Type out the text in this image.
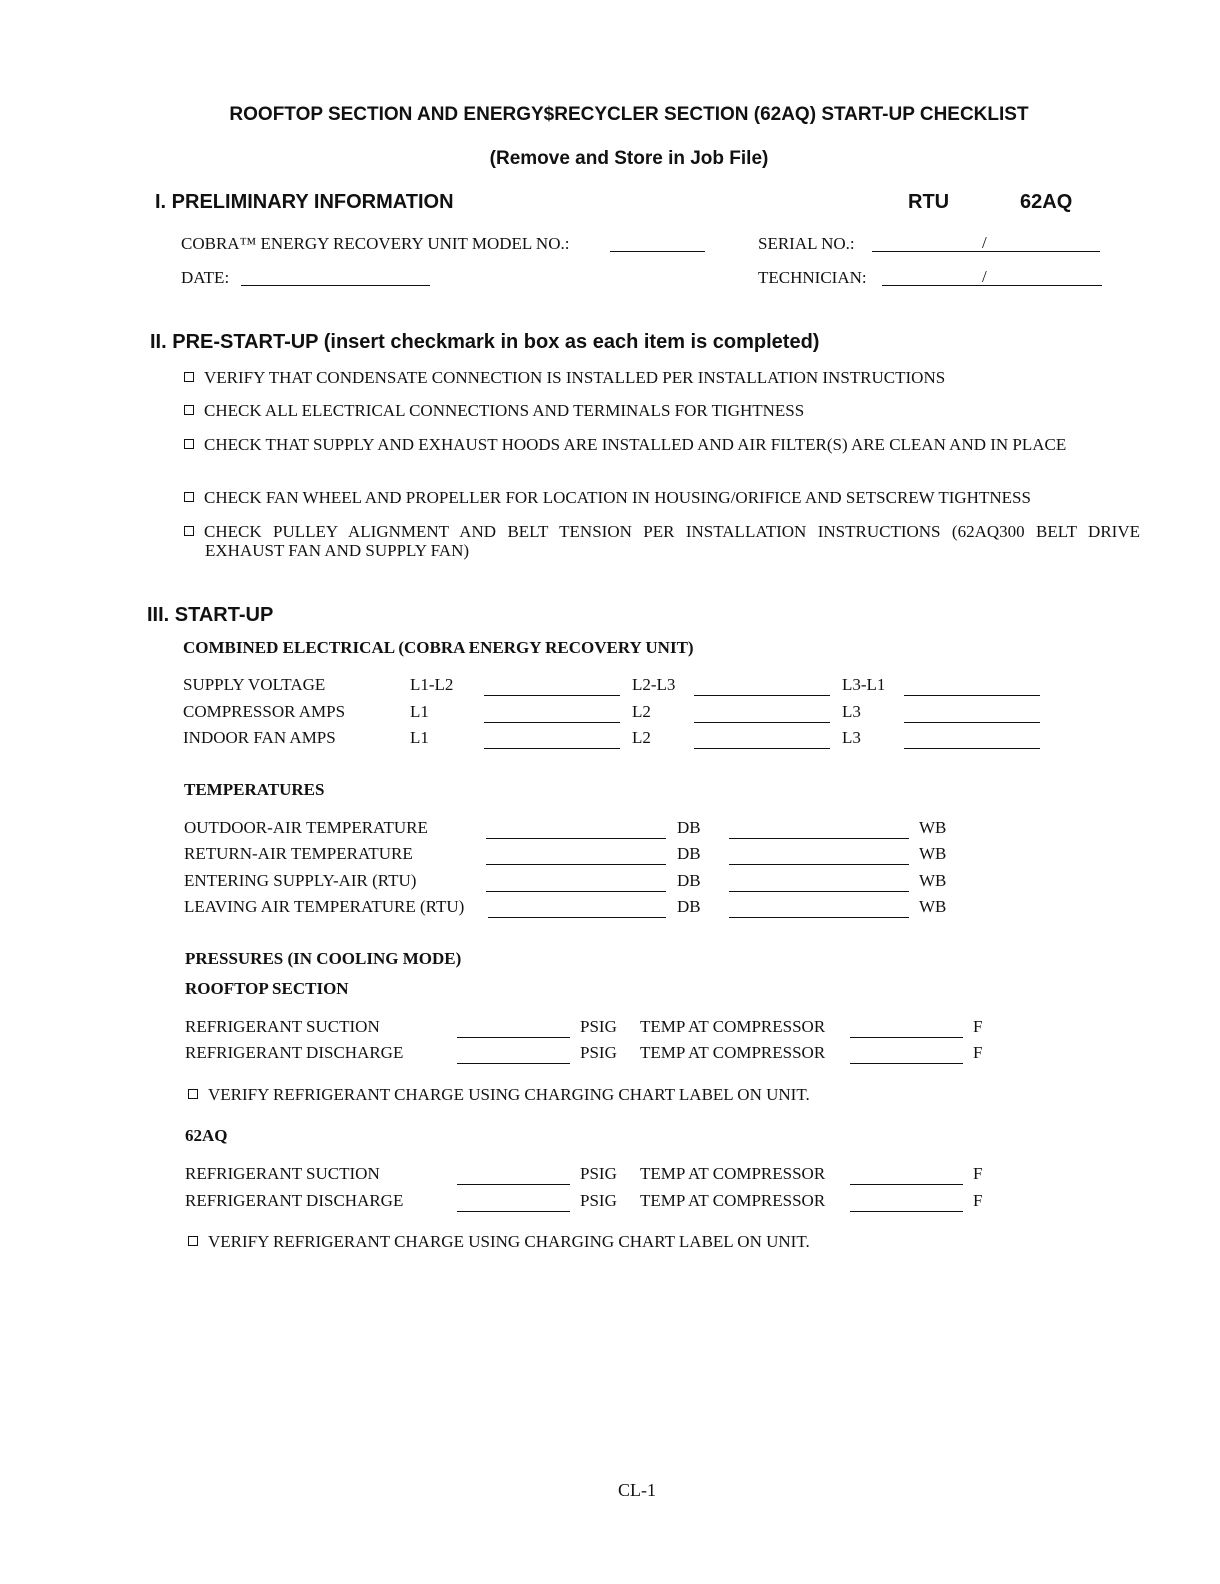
ROOFTOP SECTION AND ENERGY$RECYCLER SECTION (62AQ) START-UP CHECKLIST
(Remove and Store in Job File)
I. PRELIMINARY INFORMATION	RTU	62AQ
COBRA™ ENERGY RECOVERY UNIT MODEL NO.:	SERIAL NO.:	/
DATE:	TECHNICIAN:	/
II. PRE-START-UP (insert checkmark in box as each item is completed)
VERIFY THAT CONDENSATE CONNECTION IS INSTALLED PER INSTALLATION INSTRUCTIONS
CHECK ALL ELECTRICAL CONNECTIONS AND TERMINALS FOR TIGHTNESS
CHECK THAT SUPPLY AND EXHAUST HOODS ARE INSTALLED AND AIR FILTER(S) ARE CLEAN AND IN PLACE
CHECK FAN WHEEL AND PROPELLER FOR LOCATION IN HOUSING/ORIFICE AND SETSCREW TIGHTNESS
CHECK PULLEY ALIGNMENT AND BELT TENSION PER INSTALLATION INSTRUCTIONS (62AQ300 BELT DRIVE EXHAUST FAN AND SUPPLY FAN)
III. START-UP
COMBINED ELECTRICAL (COBRA ENERGY RECOVERY UNIT)
SUPPLY VOLTAGE	L1-L2	L2-L3	L3-L1
COMPRESSOR AMPS	L1	L2	L3
INDOOR FAN AMPS	L1	L2	L3
TEMPERATURES
OUTDOOR-AIR TEMPERATURE	DB	WB
RETURN-AIR TEMPERATURE	DB	WB
ENTERING SUPPLY-AIR (RTU)	DB	WB
LEAVING AIR TEMPERATURE (RTU)	DB	WB
PRESSURES (IN COOLING MODE)
ROOFTOP SECTION
REFRIGERANT SUCTION	PSIG TEMP AT COMPRESSOR	F
REFRIGERANT DISCHARGE	PSIG TEMP AT COMPRESSOR	F
VERIFY REFRIGERANT CHARGE USING CHARGING CHART LABEL ON UNIT.
62AQ
REFRIGERANT SUCTION	PSIG TEMP AT COMPRESSOR	F
REFRIGERANT DISCHARGE	PSIG TEMP AT COMPRESSOR	F
VERIFY REFRIGERANT CHARGE USING CHARGING CHART LABEL ON UNIT.
CL-1
